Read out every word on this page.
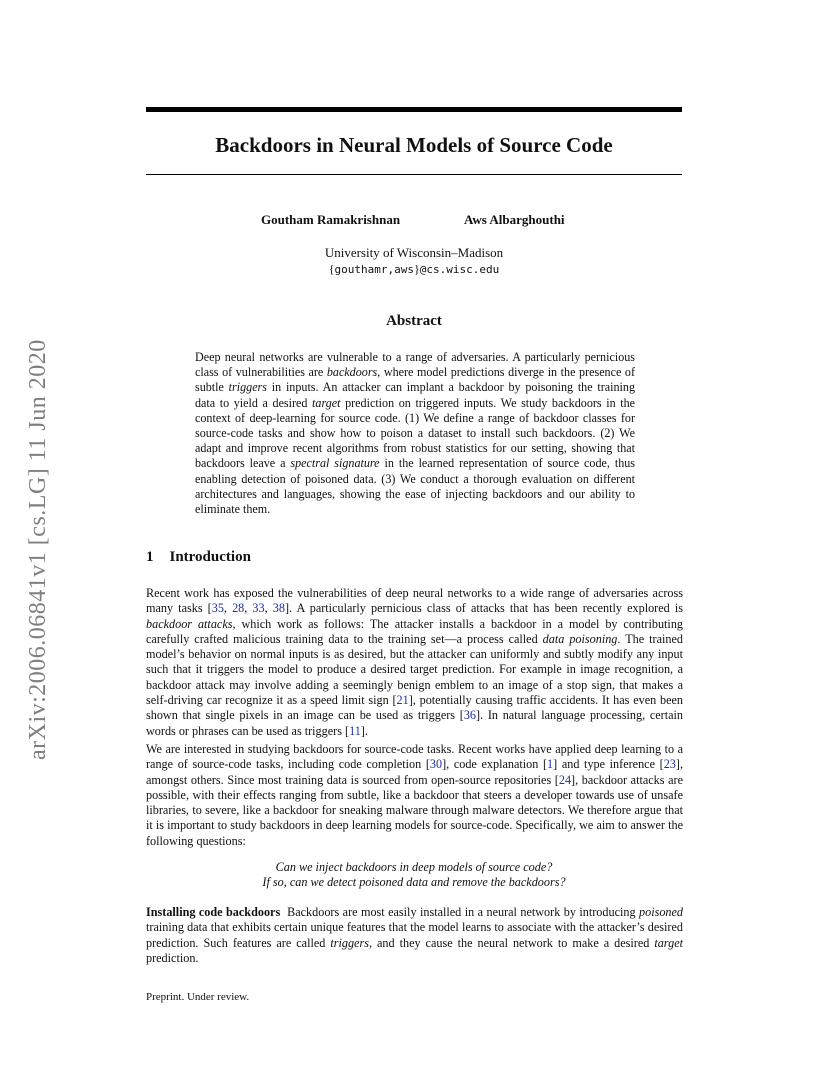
arXiv:2006.06841v1 [cs.LG] 11 Jun 2020
Backdoors in Neural Models of Source Code
Goutham Ramakrishnan	Aws Albarghouthi
University of Wisconsin–Madison
{gouthamr,aws}@cs.wisc.edu
Abstract

Deep neural networks are vulnerable to a range of adversaries. A particularly pernicious class of vulnerabilities are backdoors, where model predictions diverge in the presence of subtle triggers in inputs. An attacker can implant a backdoor by poisoning the training data to yield a desired target prediction on triggered inputs. We study backdoors in the context of deep-learning for source code. (1) We define a range of backdoor classes for source-code tasks and show how to poison a dataset to install such backdoors. (2) We adapt and improve recent algorithms from robust statistics for our setting, showing that backdoors leave a spectral signature in the learned representation of source code, thus enabling detection of poisoned data. (3) We conduct a thorough evaluation on different architectures and languages, showing the ease of injecting backdoors and our ability to eliminate them.

1 Introduction

Recent work has exposed the vulnerabilities of deep neural networks to a wide range of adversaries across many tasks [35, 28, 33, 38]. A particularly pernicious class of attacks that has been recently explored is backdoor attacks, which work as follows: The attacker installs a backdoor in a model by contributing carefully crafted malicious training data to the training set—a process called data poisoning. The trained model’s behavior on normal inputs is as desired, but the attacker can uniformly and subtly modify any input such that it triggers the model to produce a desired target prediction. For example in image recognition, a backdoor attack may involve adding a seemingly benign emblem to an image of a stop sign, that makes a self-driving car recognize it as a speed limit sign [21], potentially causing traffic accidents. It has even been shown that single pixels in an image can be used as triggers [36]. In natural language processing, certain words or phrases can be used as triggers [11].

We are interested in studying backdoors for source-code tasks. Recent works have applied deep learning to a range of source-code tasks, including code completion [30], code explanation [1] and type inference [23], amongst others. Since most training data is sourced from open-source repositories [24], backdoor attacks are possible, with their effects ranging from subtle, like a backdoor that steers a developer towards use of unsafe libraries, to severe, like a backdoor for sneaking malware through malware detectors. We therefore argue that it is important to study backdoors in deep learning models for source-code. Specifically, we aim to answer the following questions:

Can we inject backdoors in deep models of source code?
If so, can we detect poisoned data and remove the backdoors?

Installing code backdoors Backdoors are most easily installed in a neural network by introducing poisoned training data that exhibits certain unique features that the model learns to associate with the attacker’s desired prediction. Such features are called triggers, and they cause the neural network to make a desired target prediction.

Preprint. Under review.
